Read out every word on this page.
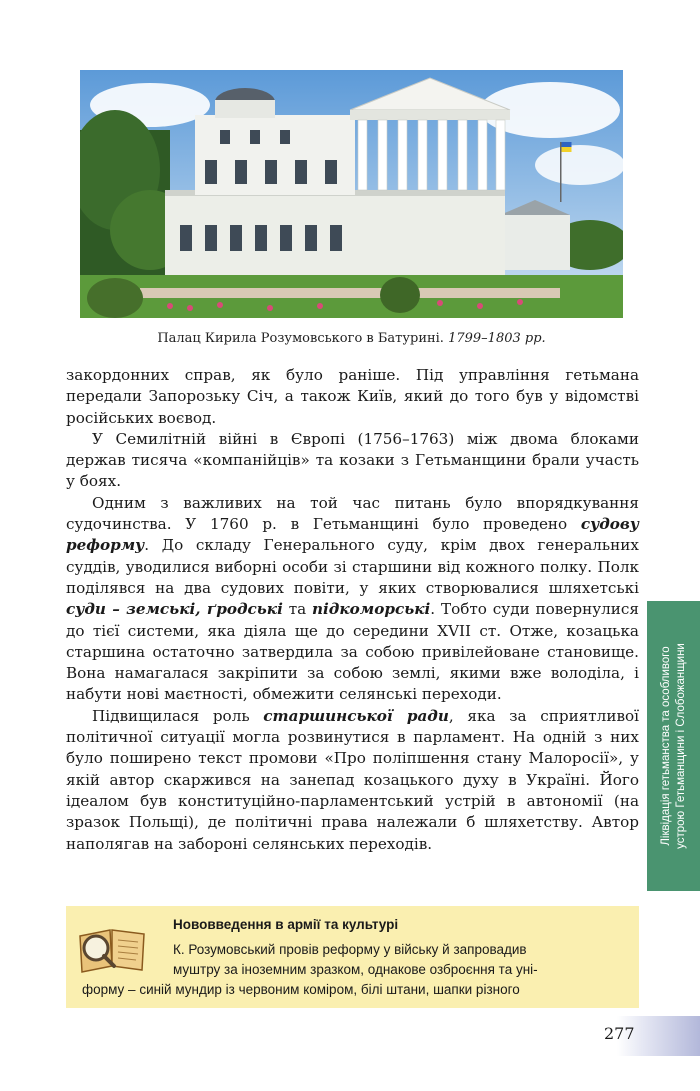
Палац Кирила Розумовського в Батурині. 1799–1803 рр.

закордонних справ, як було раніше. Під управління гетьмана передали Запорозьку Січ, а також Київ, який до того був у відомстві російських воєвод.

У Семилітній війні в Європі (1756–1763) між двома блоками держав тисяча «компанійців» та козаки з Гетьманщини брали участь у боях.

Одним з важливих на той час питань було впорядкування судочинства. У 1760 р. в Гетьманщині було проведено судову реформу. До складу Генерального суду, крім двох генеральних суддів, уводилися виборні особи зі старшини від кожного полку. Полк поділявся на два судових повіти, у яких створювалися шляхетські суди – земські, ґродські та підкоморські. Тобто суди повернулися до тієї системи, яка діяла ще до середини XVII ст. Отже, козацька старшина остаточно затвердила за собою привілейоване становище. Вона намагалася закріпити за собою землі, якими вже володіла, і набути нові маєтності, обмежити селянські переходи.

Підвищилася роль старшинської ради, яка за сприятливої політичної ситуації могла розвинутися в парламент. На одній з них було поширено текст промови «Про поліпшення стану Малоросії», у якій автор скаржився на занепад козацького духу в Україні. Його ідеалом був конституційно-парламентський устрій в автономії (на зразок Польщі), де політичні права належали б шляхетству. Автор наполягав на забороні селянських переходів.	Ліквідація гетьманства та особливого устрою Гетьманщини і Слобожанщини
Нововведення в армії та культурі
К. Розумовський провів реформу у війську й запровадив
муштру за іноземним зразком, однакове озброєння та уні-
форму – синій мундир із червоним коміром, білі штани, шапки різного
277
